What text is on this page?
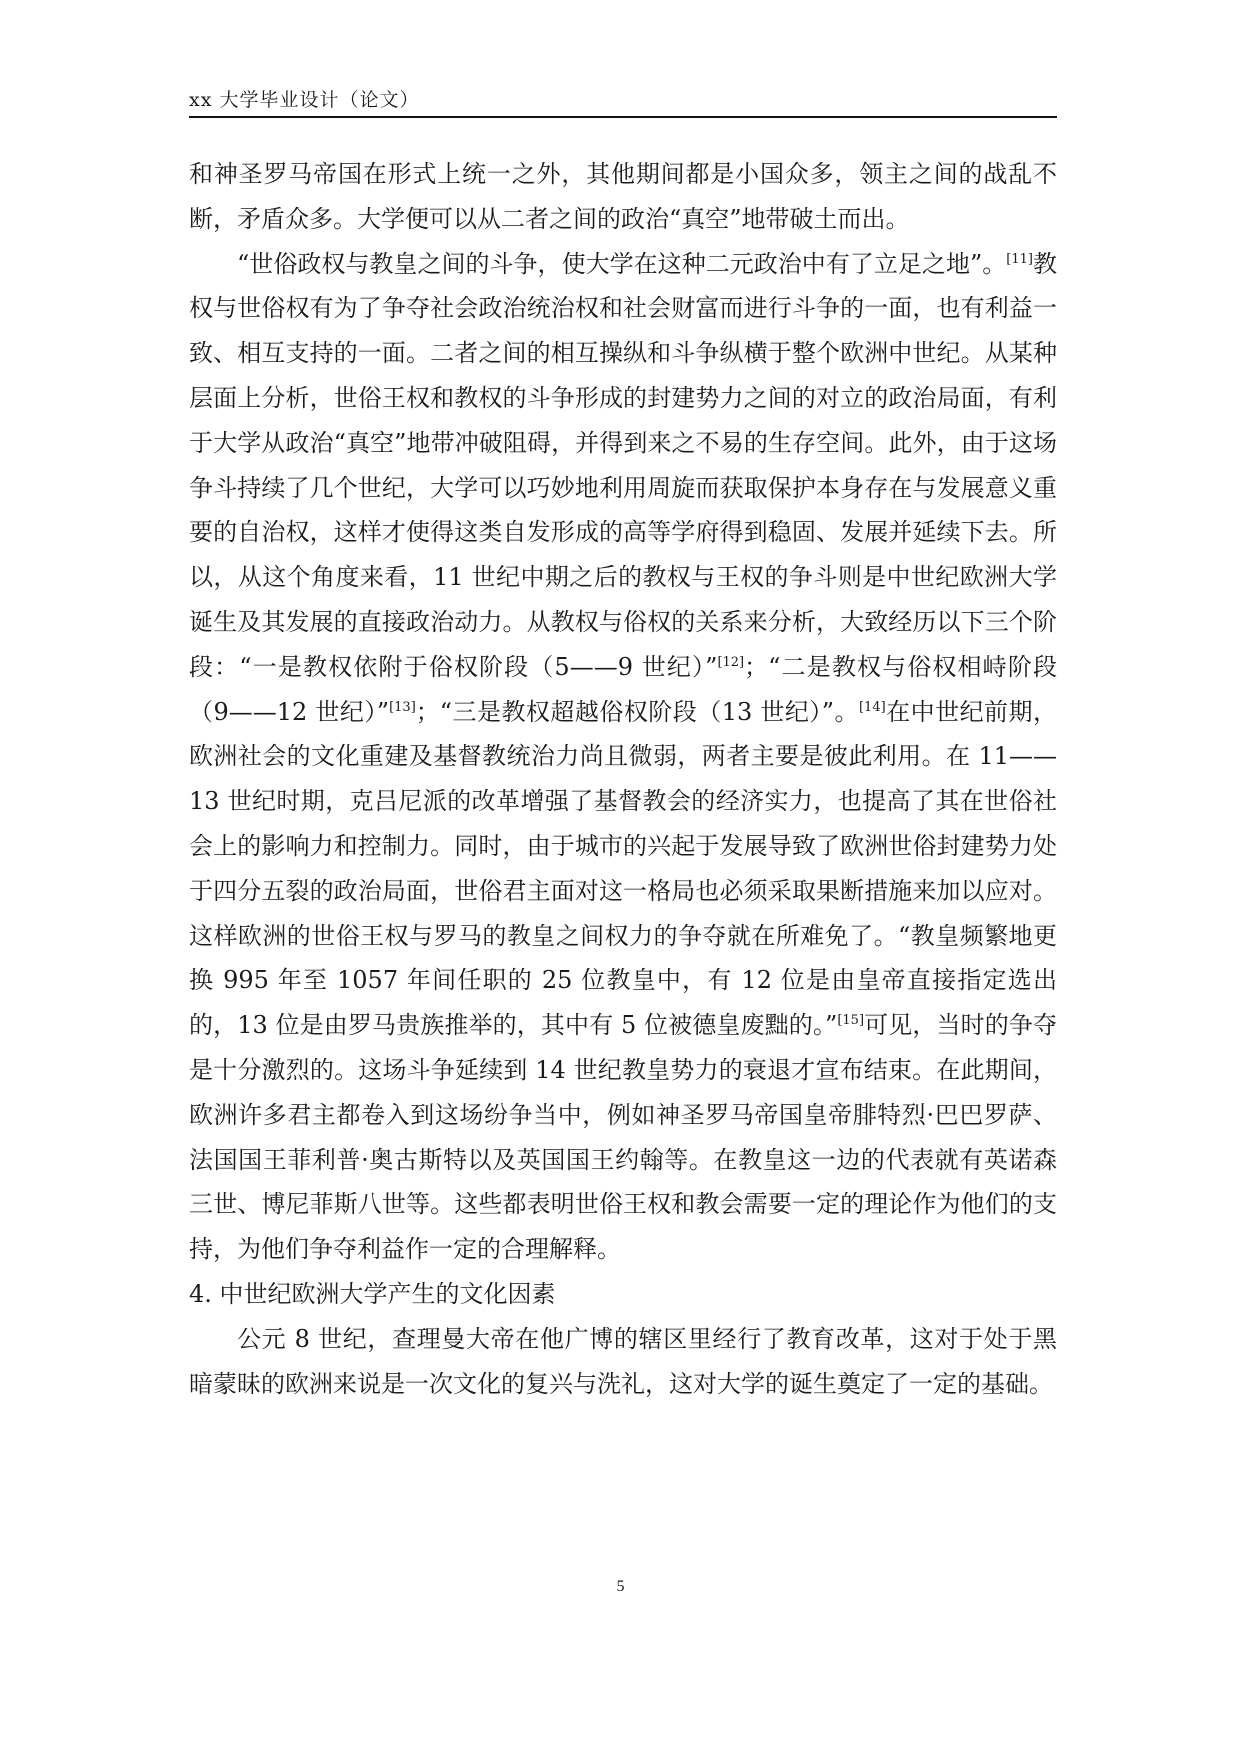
xx 大学毕业设计（论文）

和神圣罗马帝国在形式上统一之外，其他期间都是小国众多，领主之间的战乱不断，矛盾众多。大学便可以从二者之间的政治“真空”地带破土而出。

“世俗政权与教皇之间的斗争，使大学在这种二元政治中有了立足之地”。[11]教权与世俗权有为了争夺社会政治统治权和社会财富而进行斗争的一面，也有利益一致、相互支持的一面。二者之间的相互操纵和斗争纵横于整个欧洲中世纪。从某种层面上分析，世俗王权和教权的斗争形成的封建势力之间的对立的政治局面，有利于大学从政治“真空”地带冲破阻碍，并得到来之不易的生存空间。此外，由于这场争斗持续了几个世纪，大学可以巧妙地利用周旋而获取保护本身存在与发展意义重要的自治权，这样才使得这类自发形成的高等学府得到稳固、发展并延续下去。所以，从这个角度来看，11 世纪中期之后的教权与王权的争斗则是中世纪欧洲大学诞生及其发展的直接政治动力。从教权与俗权的关系来分析，大致经历以下三个阶段：“一是教权依附于俗权阶段（5——9 世纪）”[12]；“二是教权与俗权相峙阶段（9——12 世纪）”[13]；“三是教权超越俗权阶段（13 世纪）”。[14]在中世纪前期，欧洲社会的文化重建及基督教统治力尚且微弱，两者主要是彼此利用。在 11——13 世纪时期，克吕尼派的改革增强了基督教会的经济实力，也提高了其在世俗社会上的影响力和控制力。同时，由于城市的兴起于发展导致了欧洲世俗封建势力处于四分五裂的政治局面，世俗君主面对这一格局也必须采取果断措施来加以应对。这样欧洲的世俗王权与罗马的教皇之间权力的争夺就在所难免了。“教皇频繁地更换 995 年至 1057 年间任职的 25 位教皇中，有 12 位是由皇帝直接指定选出的，13 位是由罗马贵族推举的，其中有 5 位被德皇废黜的。”[15]可见，当时的争夺是十分激烈的。这场斗争延续到 14 世纪教皇势力的衰退才宣布结束。在此期间，欧洲许多君主都卷入到这场纷争当中，例如神圣罗马帝国皇帝腓特烈·巴巴罗萨、法国国王菲利普·奥古斯特以及英国国王约翰等。在教皇这一边的代表就有英诺森三世、博尼菲斯八世等。这些都表明世俗王权和教会需要一定的理论作为他们的支持，为他们争夺利益作一定的合理解释。

4. 中世纪欧洲大学产生的文化因素

公元 8 世纪，查理曼大帝在他广博的辖区里经行了教育改革，这对于处于黑暗蒙昧的欧洲来说是一次文化的复兴与洗礼，这对大学的诞生奠定了一定的基础。

5
